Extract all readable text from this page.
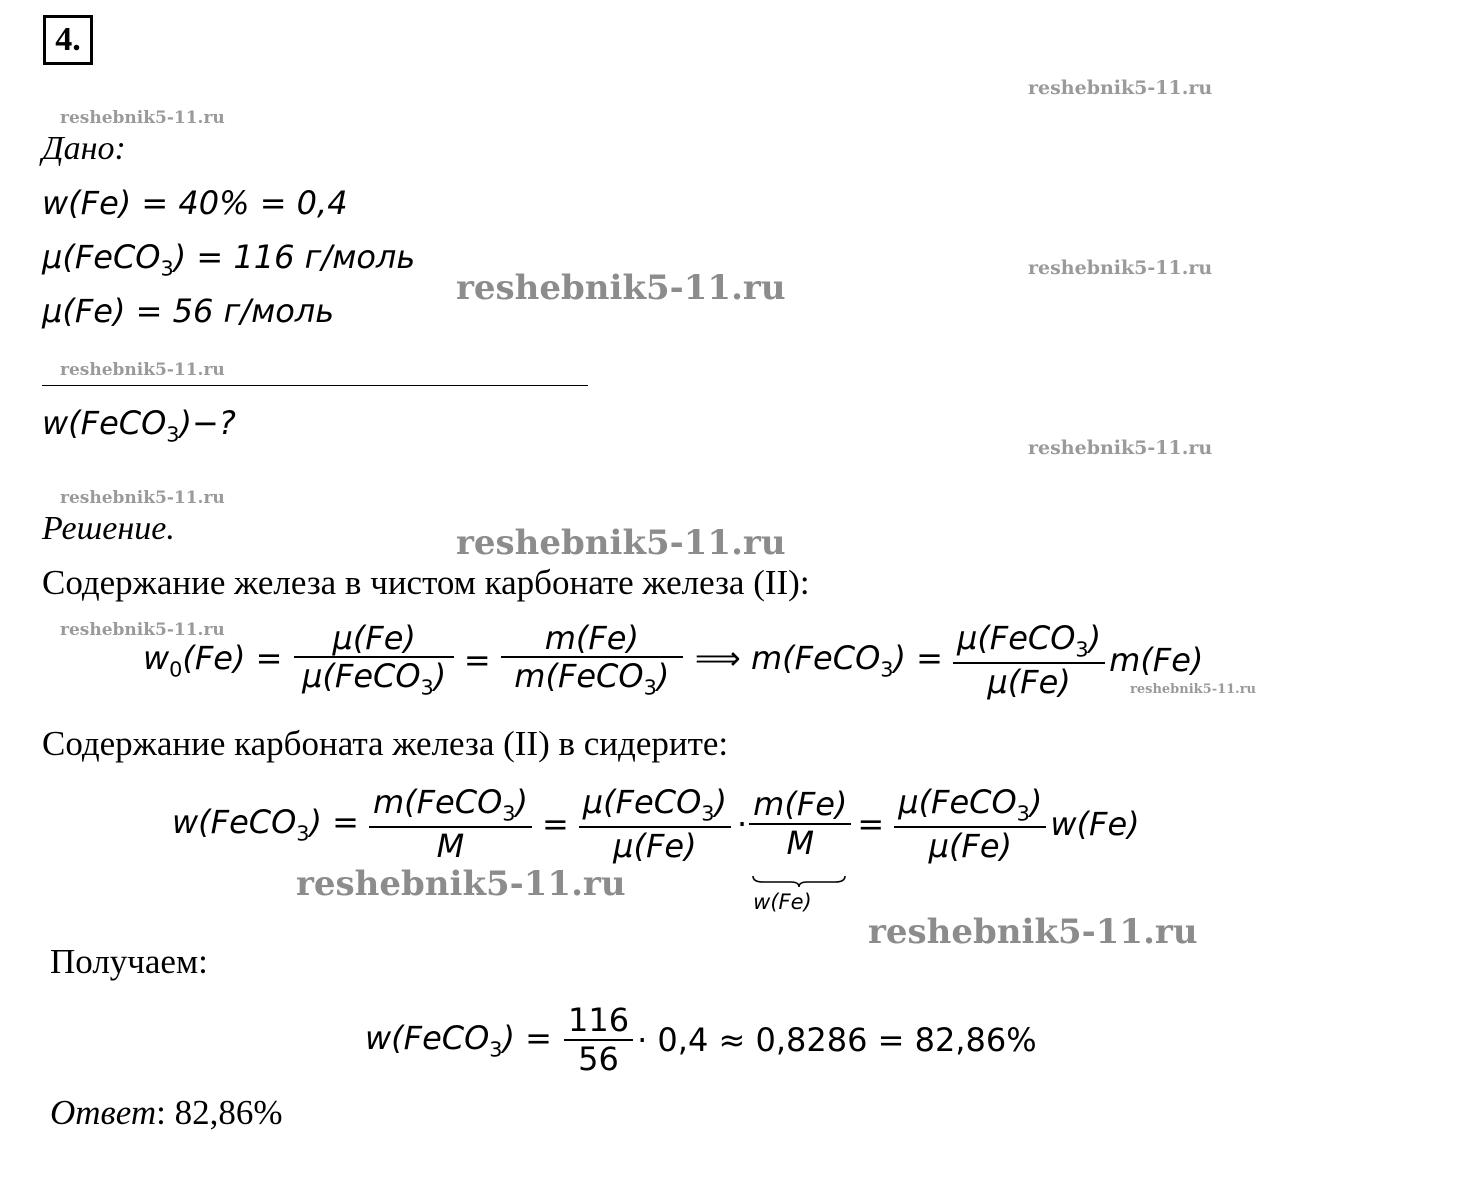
4.
reshebnik5-11.ru
reshebnik5-11.ru
reshebnik5-11.ru
reshebnik5-11.ru
reshebnik5-11.ru
reshebnik5-11.ru
reshebnik5-11.ru
reshebnik5-11.ru
reshebnik5-11.ru
reshebnik5-11.ru
reshebnik5-11.ru
reshebnik5-11.ru
Дано:
w(Fe) = 40% = 0,4
μ(FeCO$_3$) = 116 г/моль
μ(Fe) = 56 г/моль
w(FeCO$_3$)−?
Решение.
Содержание железа в чистом карбонате железа (II):
$w_0(Fe) = \frac{\mu(Fe)}{\mu(FeCO_3)} = \frac{m(Fe)}{m(FeCO_3)}$ ⟹ m(FeCO$_3$) = $\frac{\mu(FeCO_3)}{\mu(Fe)} m(Fe)$
Содержание карбоната железа (II) в сидерите:
w(FeCO$_3$) = $\frac{m(FeCO_3)}{M} = \frac{\mu(FeCO_3)}{\mu(Fe)} \cdot \frac{m(Fe)}{M}$
w(Fe)
= $\frac{\mu(FeCO_3)}{\mu(Fe)} w(Fe)$
Получаем:
w(FeCO$_3$) = $\frac{116}{56} \cdot 0,4 \approx 0,8286 = 82,86\%$
Ответ: 82,86%
